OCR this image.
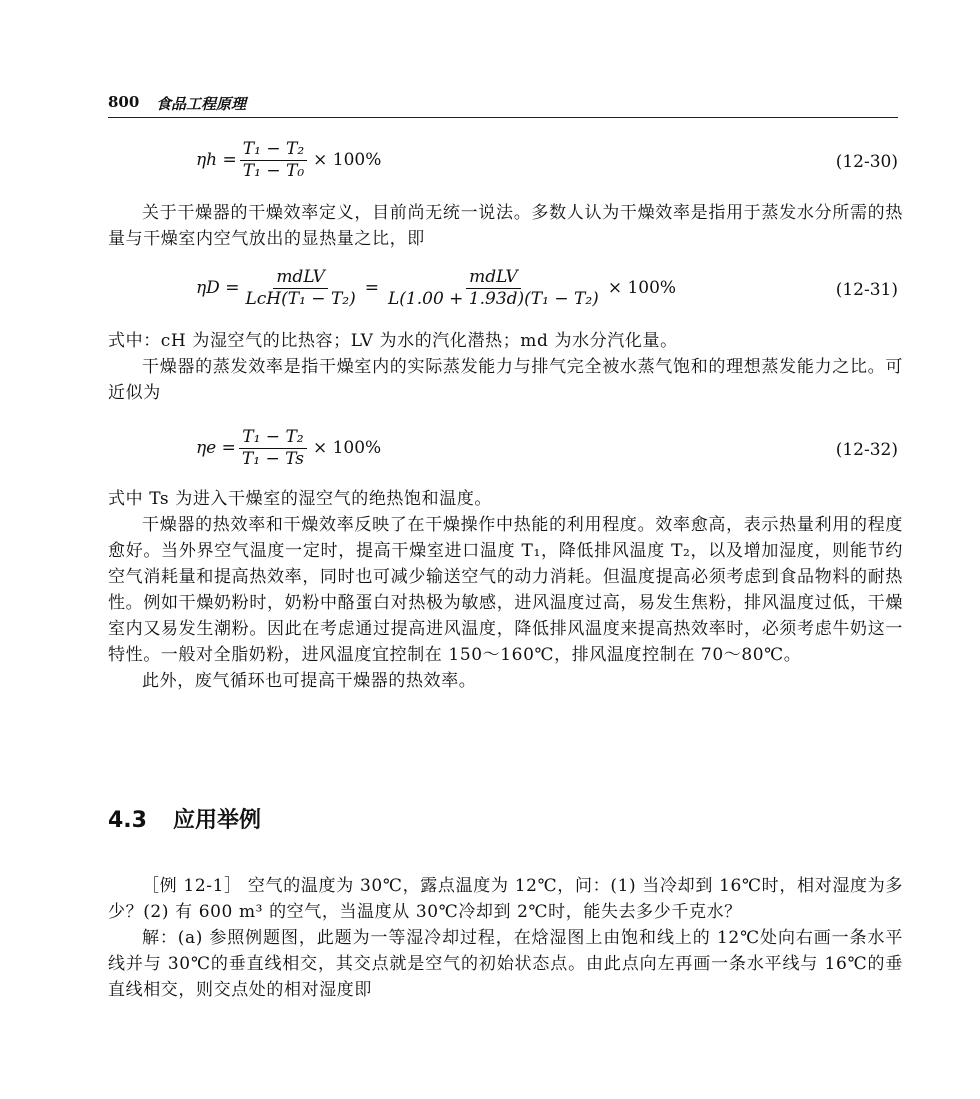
800 食品工程原理
$\eta h = \frac{\text{T₁ − T₂}}{\text{T₁ − T₀}} \times 100\%$	(12-30)

关于干燥器的干燥效率定义，目前尚无统一说法。多数人认为干燥效率是指用于蒸发水分所需的热量与干燥室内空气放出的显热量之比，即

$\eta D = \frac{\text{mdLV}}{\text{LcH(T₁ − T₂)}} = \frac{\text{mdLV}}{\text{L(1.00 + 1.93d)(T₁ − T₂)}} \times 100\%$	(12-31)

式中：cH 为湿空气的比热容；LV 为水的汽化潜热；md 为水分汽化量。

干燥器的蒸发效率是指干燥室内的实际蒸发能力与排气完全被水蒸气饱和的理想蒸发能力之比。可近似为

$\eta e = \frac{\text{T₁ − T₂}}{\text{T₁ − Ts}} \times 100\%$	(12-32)

式中 Ts 为进入干燥室的湿空气的绝热饱和温度。

干燥器的热效率和干燥效率反映了在干燥操作中热能的利用程度。效率愈高，表示热量利用的程度愈好。当外界空气温度一定时，提高干燥室进口温度 T₁，降低排风温度 T₂，以及增加湿度，则能节约空气消耗量和提高热效率，同时也可减少输送空气的动力消耗。但温度提高必须考虑到食品物料的耐热性。例如干燥奶粉时，奶粉中酪蛋白对热极为敏感，进风温度过高，易发生焦粉，排风温度过低，干燥室内又易发生潮粉。因此在考虑通过提高进风温度，降低排风温度来提高热效率时，必须考虑牛奶这一特性。一般对全脂奶粉，进风温度宜控制在 150～160℃，排风温度控制在 70～80℃。

此外，废气循环也可提高干燥器的热效率。

4.3 应用举例

［例 12-1］ 空气的温度为 30℃，露点温度为 12℃，问：(1) 当冷却到 16℃时，相对湿度为多少？(2) 有 600 m³ 的空气，当温度从 30℃冷却到 2℃时，能失去多少千克水？

解：(a) 参照例题图，此题为一等湿冷却过程，在焓湿图上由饱和线上的 12℃处向右画一条水平线并与 30℃的垂直线相交，其交点就是空气的初始状态点。由此点向左再画一条水平线与 16℃的垂直线相交，则交点处的相对湿度即
